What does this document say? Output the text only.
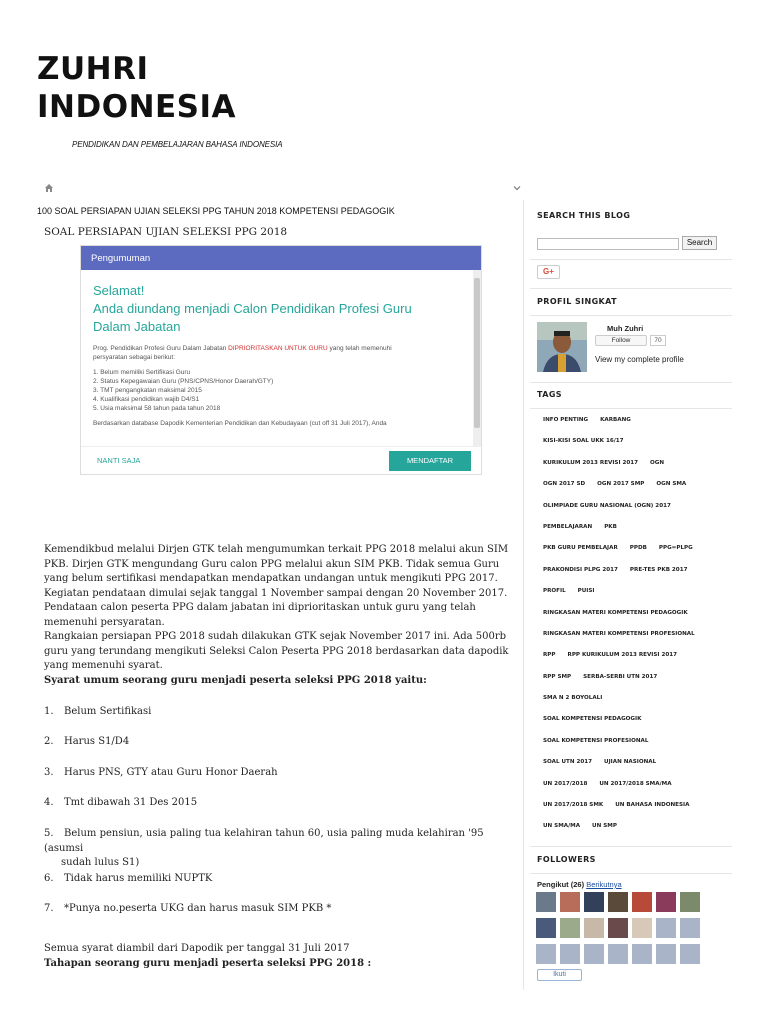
ZUHRI
INDONESIA
PENDIDIKAN DAN PEMBELAJARAN BAHASA INDONESIA
100 SOAL PERSIAPAN UJIAN SELEKSI PPG TAHUN 2018 KOMPETENSI PEDAGOGIK
SOAL PERSIAPAN UJIAN SELEKSI PPG 2018
Pengumuman
Selamat!
Anda diundang menjadi Calon Pendidikan Profesi Guru
Dalam Jabatan
Prog. Pendidikan Profesi Guru Dalam Jabatan DIPRIORITASKAN UNTUK GURU yang telah memenuhi
persyaratan sebagai berikut:
1. Belum memiliki Sertifikasi Guru
2. Status Kepegawaian Guru (PNS/CPNS/Honor Daerah/GTY)
3. TMT pengangkatan maksimal 2015
4. Kualifikasi pendidikan wajib D4/S1
5. Usia maksimal 58 tahun pada tahun 2018
Berdasarkan database Dapodik Kementerian Pendidikan dan Kebudayaan (cut off 31 Juli 2017), Anda
NANTI SAJA	MENDAFTAR
Kemendikbud melalui Dirjen GTK telah mengumumkan terkait PPG 2018 melalui akun SIM PKB. Dirjen GTK mengundang Guru calon PPG melalui akun SIM PKB. Tidak semua Guru yang belum sertifikasi mendapatkan mendapatkan undangan untuk mengikuti PPG 2017. Kegiatan pendataan dimulai sejak tanggal 1 November sampai dengan 20 November 2017. Pendataan calon peserta PPG dalam jabatan ini diprioritaskan untuk guru yang telah memenuhi persyaratan.
Rangkaian persiapan PPG 2018 sudah dilakukan GTK sejak November 2017 ini. Ada 500rb guru yang terundang mengikuti Seleksi Calon Peserta PPG 2018 berdasarkan data dapodik yang memenuhi syarat.
Syarat umum seorang guru menjadi peserta seleksi PPG 2018 yaitu:
1. Belum Sertifikasi
2. Harus S1/D4
3. Harus PNS, GTY atau Guru Honor Daerah
4. Tmt dibawah 31 Des 2015
5. Belum pensiun, usia paling tua kelahiran tahun 60, usia paling muda kelahiran '95 (asumsi
sudah lulus S1)
6. Tidak harus memiliki NUPTK
7. *Punya no.peserta UKG dan harus masuk SIM PKB *
Semua syarat diambil dari Dapodik per tanggal 31 Juli 2017
Tahapan seorang guru menjadi peserta seleksi PPG 2018 :
SEARCH THIS BLOG
Search
G+
PROFIL SINGKAT
Muh Zuhri
Follow	70
View my complete profile
TAGS
INFO PENTING KARBANG
KISI-KISI SOAL UKK 16/17
KURIKULUM 2013 REVISI 2017 OGN
OGN 2017 SD OGN 2017 SMP OGN SMA
OLIMPIADE GURU NASIONAL (OGN) 2017
PEMBELAJARAN PKB
PKB GURU PEMBELAJAR PPDB PPG=PLPG
PRAKONDISI PLPG 2017 PRE-TES PKB 2017
PROFIL PUISI
RINGKASAN MATERI KOMPETENSI PEDAGOGIK
RINGKASAN MATERI KOMPETENSI PROFESIONAL
RPP RPP KURIKULUM 2013 REVISI 2017
RPP SMP SERBA-SERBI UTN 2017
SMA N 2 BOYOLALI
SOAL KOMPETENSI PEDAGOGIK
SOAL KOMPETENSI PROFESIONAL
SOAL UTN 2017 UJIAN NASIONAL
UN 2017/2018 UN 2017/2018 SMA/MA
UN 2017/2018 SMK UN BAHASA INDONESIA
UN SMA/MA UN SMP
FOLLOWERS
Pengikut (26) Berikutnya
Ikuti
